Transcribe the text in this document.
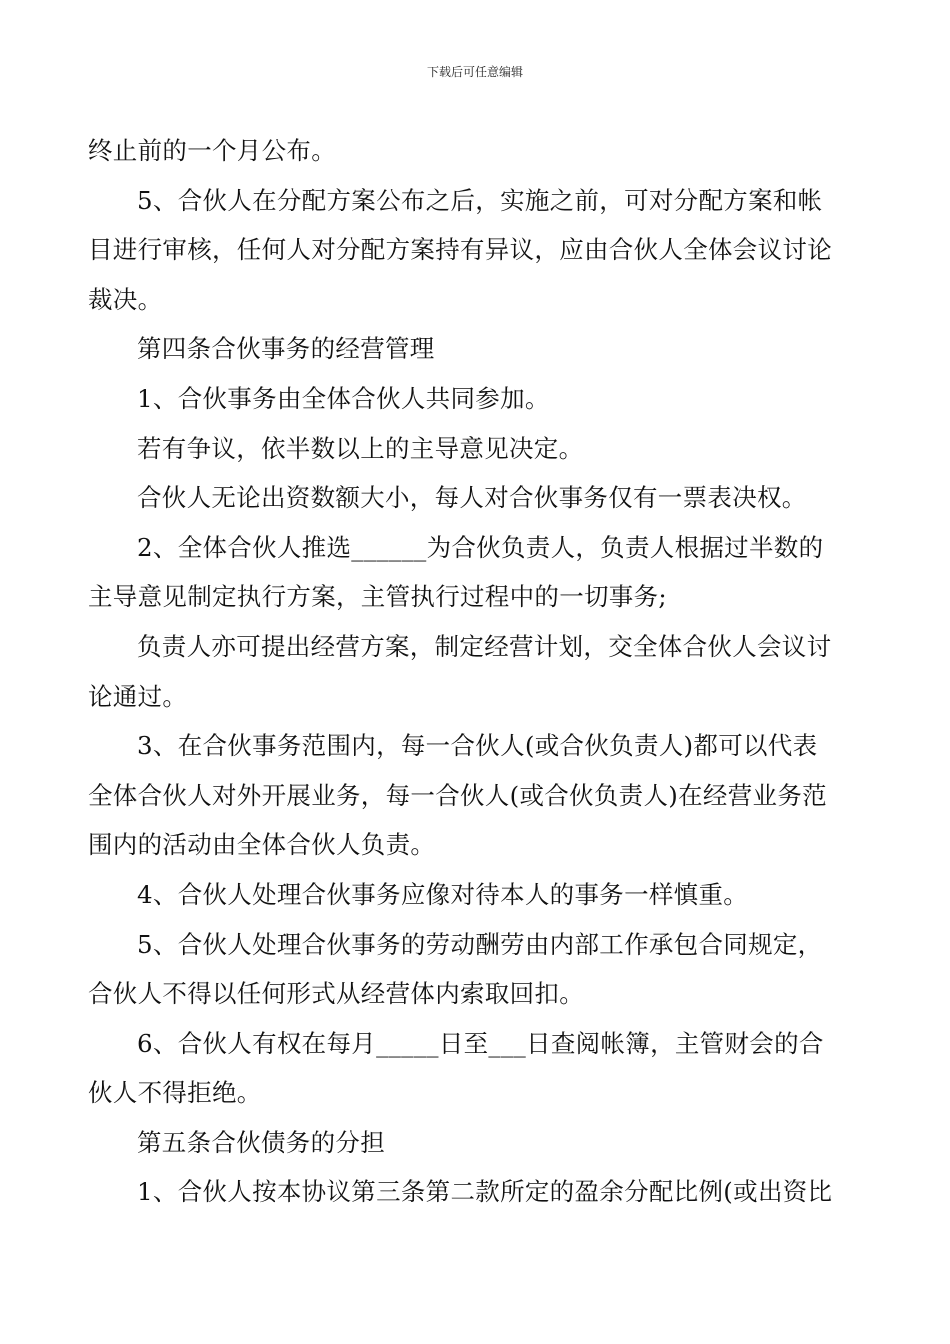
下载后可任意编辑
终止前的一个月公布。
5、合伙人在分配方案公布之后，实施之前，可对分配方案和帐
目进行审核，任何人对分配方案持有异议，应由合伙人全体会议讨论
裁决。
第四条合伙事务的经营管理
1、合伙事务由全体合伙人共同参加。
若有争议，依半数以上的主导意见决定。
合伙人无论出资数额大小，每人对合伙事务仅有一票表决权。
2、全体合伙人推选______为合伙负责人，负责人根据过半数的
主导意见制定执行方案，主管执行过程中的一切事务;
负责人亦可提出经营方案，制定经营计划，交全体合伙人会议讨
论通过。
3、在合伙事务范围内，每一合伙人(或合伙负责人)都可以代表
全体合伙人对外开展业务，每一合伙人(或合伙负责人)在经营业务范
围内的活动由全体合伙人负责。
4、合伙人处理合伙事务应像对待本人的事务一样慎重。
5、合伙人处理合伙事务的劳动酬劳由内部工作承包合同规定，
合伙人不得以任何形式从经营体内索取回扣。
6、合伙人有权在每月_____日至___日查阅帐簿，主管财会的合
伙人不得拒绝。
第五条合伙债务的分担
1、合伙人按本协议第三条第二款所定的盈余分配比例(或出资比
